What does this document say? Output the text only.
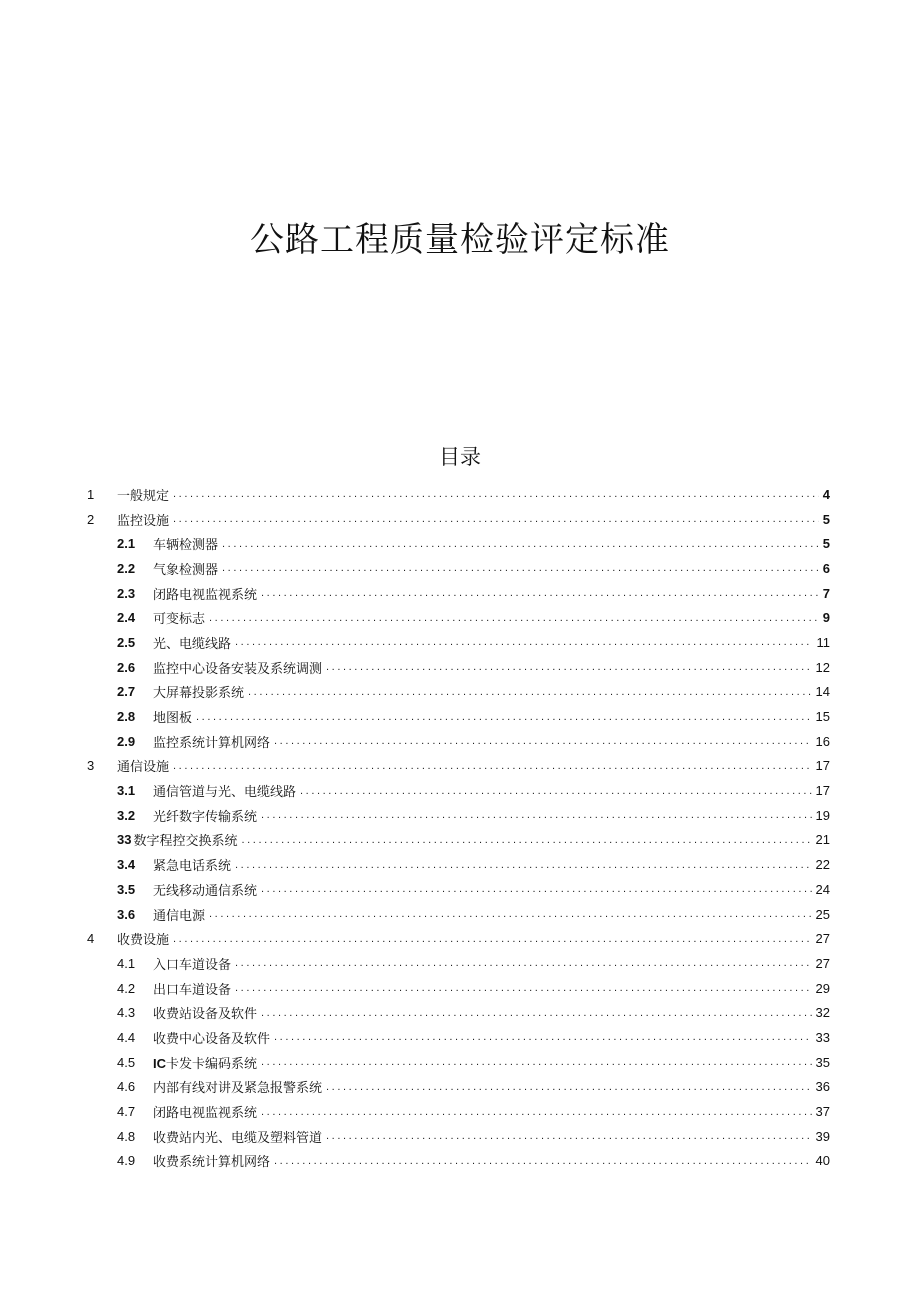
公路工程质量检验评定标准
目录
1	一般规定 .....	4
2	监控设施 .....	5
2.1	车辆检测器 .....	5
2.2	气象检测器 .....	6
2.3	闭路电视监视系统 .....	7
2.4	可变标志 .....	9
2.5	光、电缆线路 .....	11
2.6	监控中心设备安装及系统调测 .....	12
2.7	大屏幕投影系统 .....	14
2.8	地图板 .....	15
2.9	监控系统计算机网络 .....	16
3	通信设施 .....	17
3.1	通信管道与光、电缆线路 .....	17
3.2	光纤数字传输系统 .....	19
33 数字程控交换系统 .....	21
3.4	紧急电话系统 .....	22
3.5	无线移动通信系统 .....	24
3.6	通信电源 .....	25
4	收费设施 .....	27
4.1	入口车道设备 .....	27
4.2	出口车道设备 .....	29
4.3	收费站设备及软件 .....	32
4.4	收费中心设备及软件 .....	33
4.5	IC卡发卡编码系统 .....	35
4.6	内部有线对讲及紧急报警系统 .....	36
4.7	闭路电视监视系统 .....	37
4.8	收费站内光、电缆及塑料管道 .....	39
4.9	收费系统计算机网络 .....	40
